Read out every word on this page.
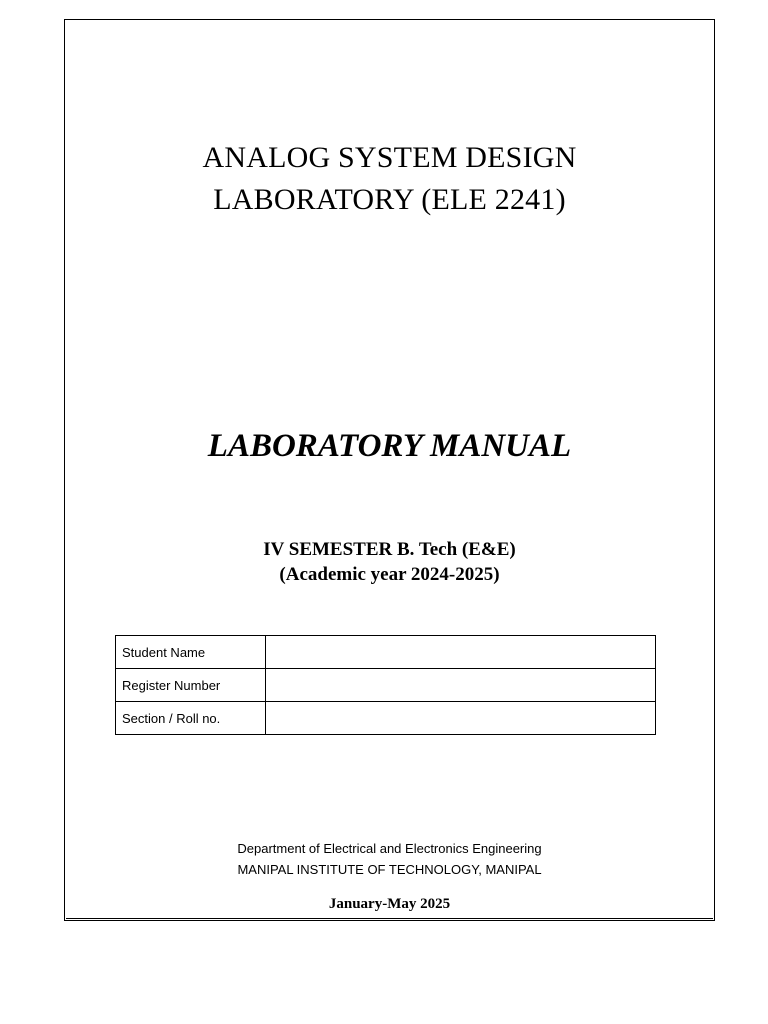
ANALOG SYSTEM DESIGN
LABORATORY (ELE 2241)
LABORATORY MANUAL
IV SEMESTER B. Tech (E&E)
(Academic year 2024-2025)
Student Name	
Register Number	
Section / Roll no.	
Department of Electrical and Electronics Engineering
MANIPAL INSTITUTE OF TECHNOLOGY, MANIPAL
January-May 2025
